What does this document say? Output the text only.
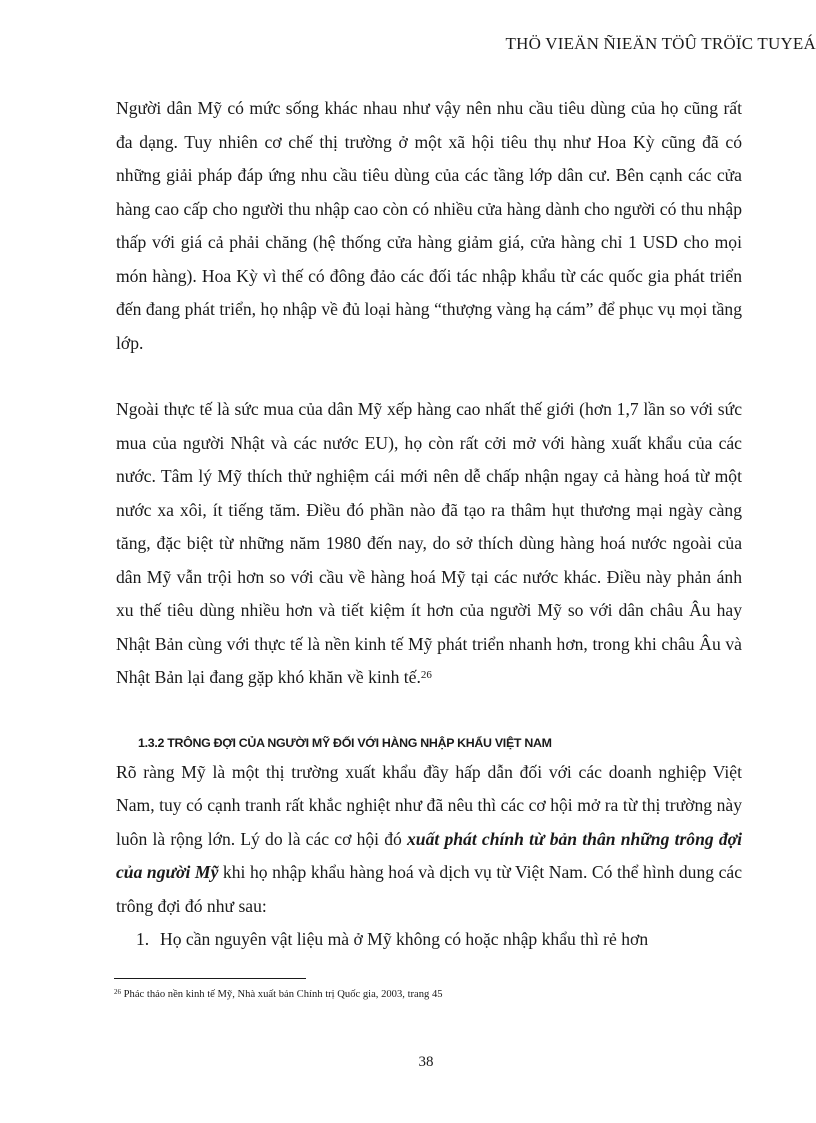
THÖ VIEÄN ÑIEÄN TÖÛ TRÖÏC TUYEÁ

Người dân Mỹ có mức sống khác nhau như vậy nên nhu cầu tiêu dùng của họ cũng rất đa dạng. Tuy nhiên cơ chế thị trường ở một xã hội tiêu thụ như Hoa Kỳ cũng đã có những giải pháp đáp ứng nhu cầu tiêu dùng của các tầng lớp dân cư. Bên cạnh các cửa hàng cao cấp cho người thu nhập cao còn có nhiều cửa hàng dành cho người có thu nhập thấp với giá cả phải chăng (hệ thống cửa hàng giảm giá, cửa hàng chỉ 1 USD cho mọi món hàng). Hoa Kỳ vì thế có đông đảo các đối tác nhập khẩu từ các quốc gia phát triển đến đang phát triển, họ nhập về đủ loại hàng “thượng vàng hạ cám” để phục vụ mọi tầng lớp.

Ngoài thực tế là sức mua của dân Mỹ xếp hàng cao nhất thế giới (hơn 1,7 lần so với sức mua của người Nhật và các nước EU), họ còn rất cởi mở với hàng xuất khẩu của các nước. Tâm lý Mỹ thích thử nghiệm cái mới nên dễ chấp nhận ngay cả hàng hoá từ một nước xa xôi, ít tiếng tăm. Điều đó phần nào đã tạo ra thâm hụt thương mại ngày càng tăng, đặc biệt từ những năm 1980 đến nay, do sở thích dùng hàng hoá nước ngoài của dân Mỹ vẫn trội hơn so với cầu về hàng hoá Mỹ tại các nước khác. Điều này phản ánh xu thế tiêu dùng nhiều hơn và tiết kiệm ít hơn của người Mỹ so với dân châu Âu hay Nhật Bản cùng với thực tế là nền kinh tế Mỹ phát triển nhanh hơn, trong khi châu Âu và Nhật Bản lại đang gặp khó khăn về kinh tế.$^{26}$

1.3.2 TRÔNG ĐỢI CỦA NGƯỜI MỸ ĐỐI VỚI HÀNG NHẬP KHẨU VIỆT NAM

Rõ ràng Mỹ là một thị trường xuất khẩu đầy hấp dẫn đối với các doanh nghiệp Việt Nam, tuy có cạnh tranh rất khắc nghiệt như đã nêu thì các cơ hội mở ra từ thị trường này luôn là rộng lớn. Lý do là các cơ hội đó xuất phát chính từ bản thân những trông đợi của người Mỹ khi họ nhập khẩu hàng hoá và dịch vụ từ Việt Nam. Có thể hình dung các trông đợi đó như sau:

1. Họ cần nguyên vật liệu mà ở Mỹ không có hoặc nhập khẩu thì rẻ hơn
$^{26}$ Phác thảo nền kinh tế Mỹ, Nhà xuất bản Chính trị Quốc gia, 2003, trang 45
38
